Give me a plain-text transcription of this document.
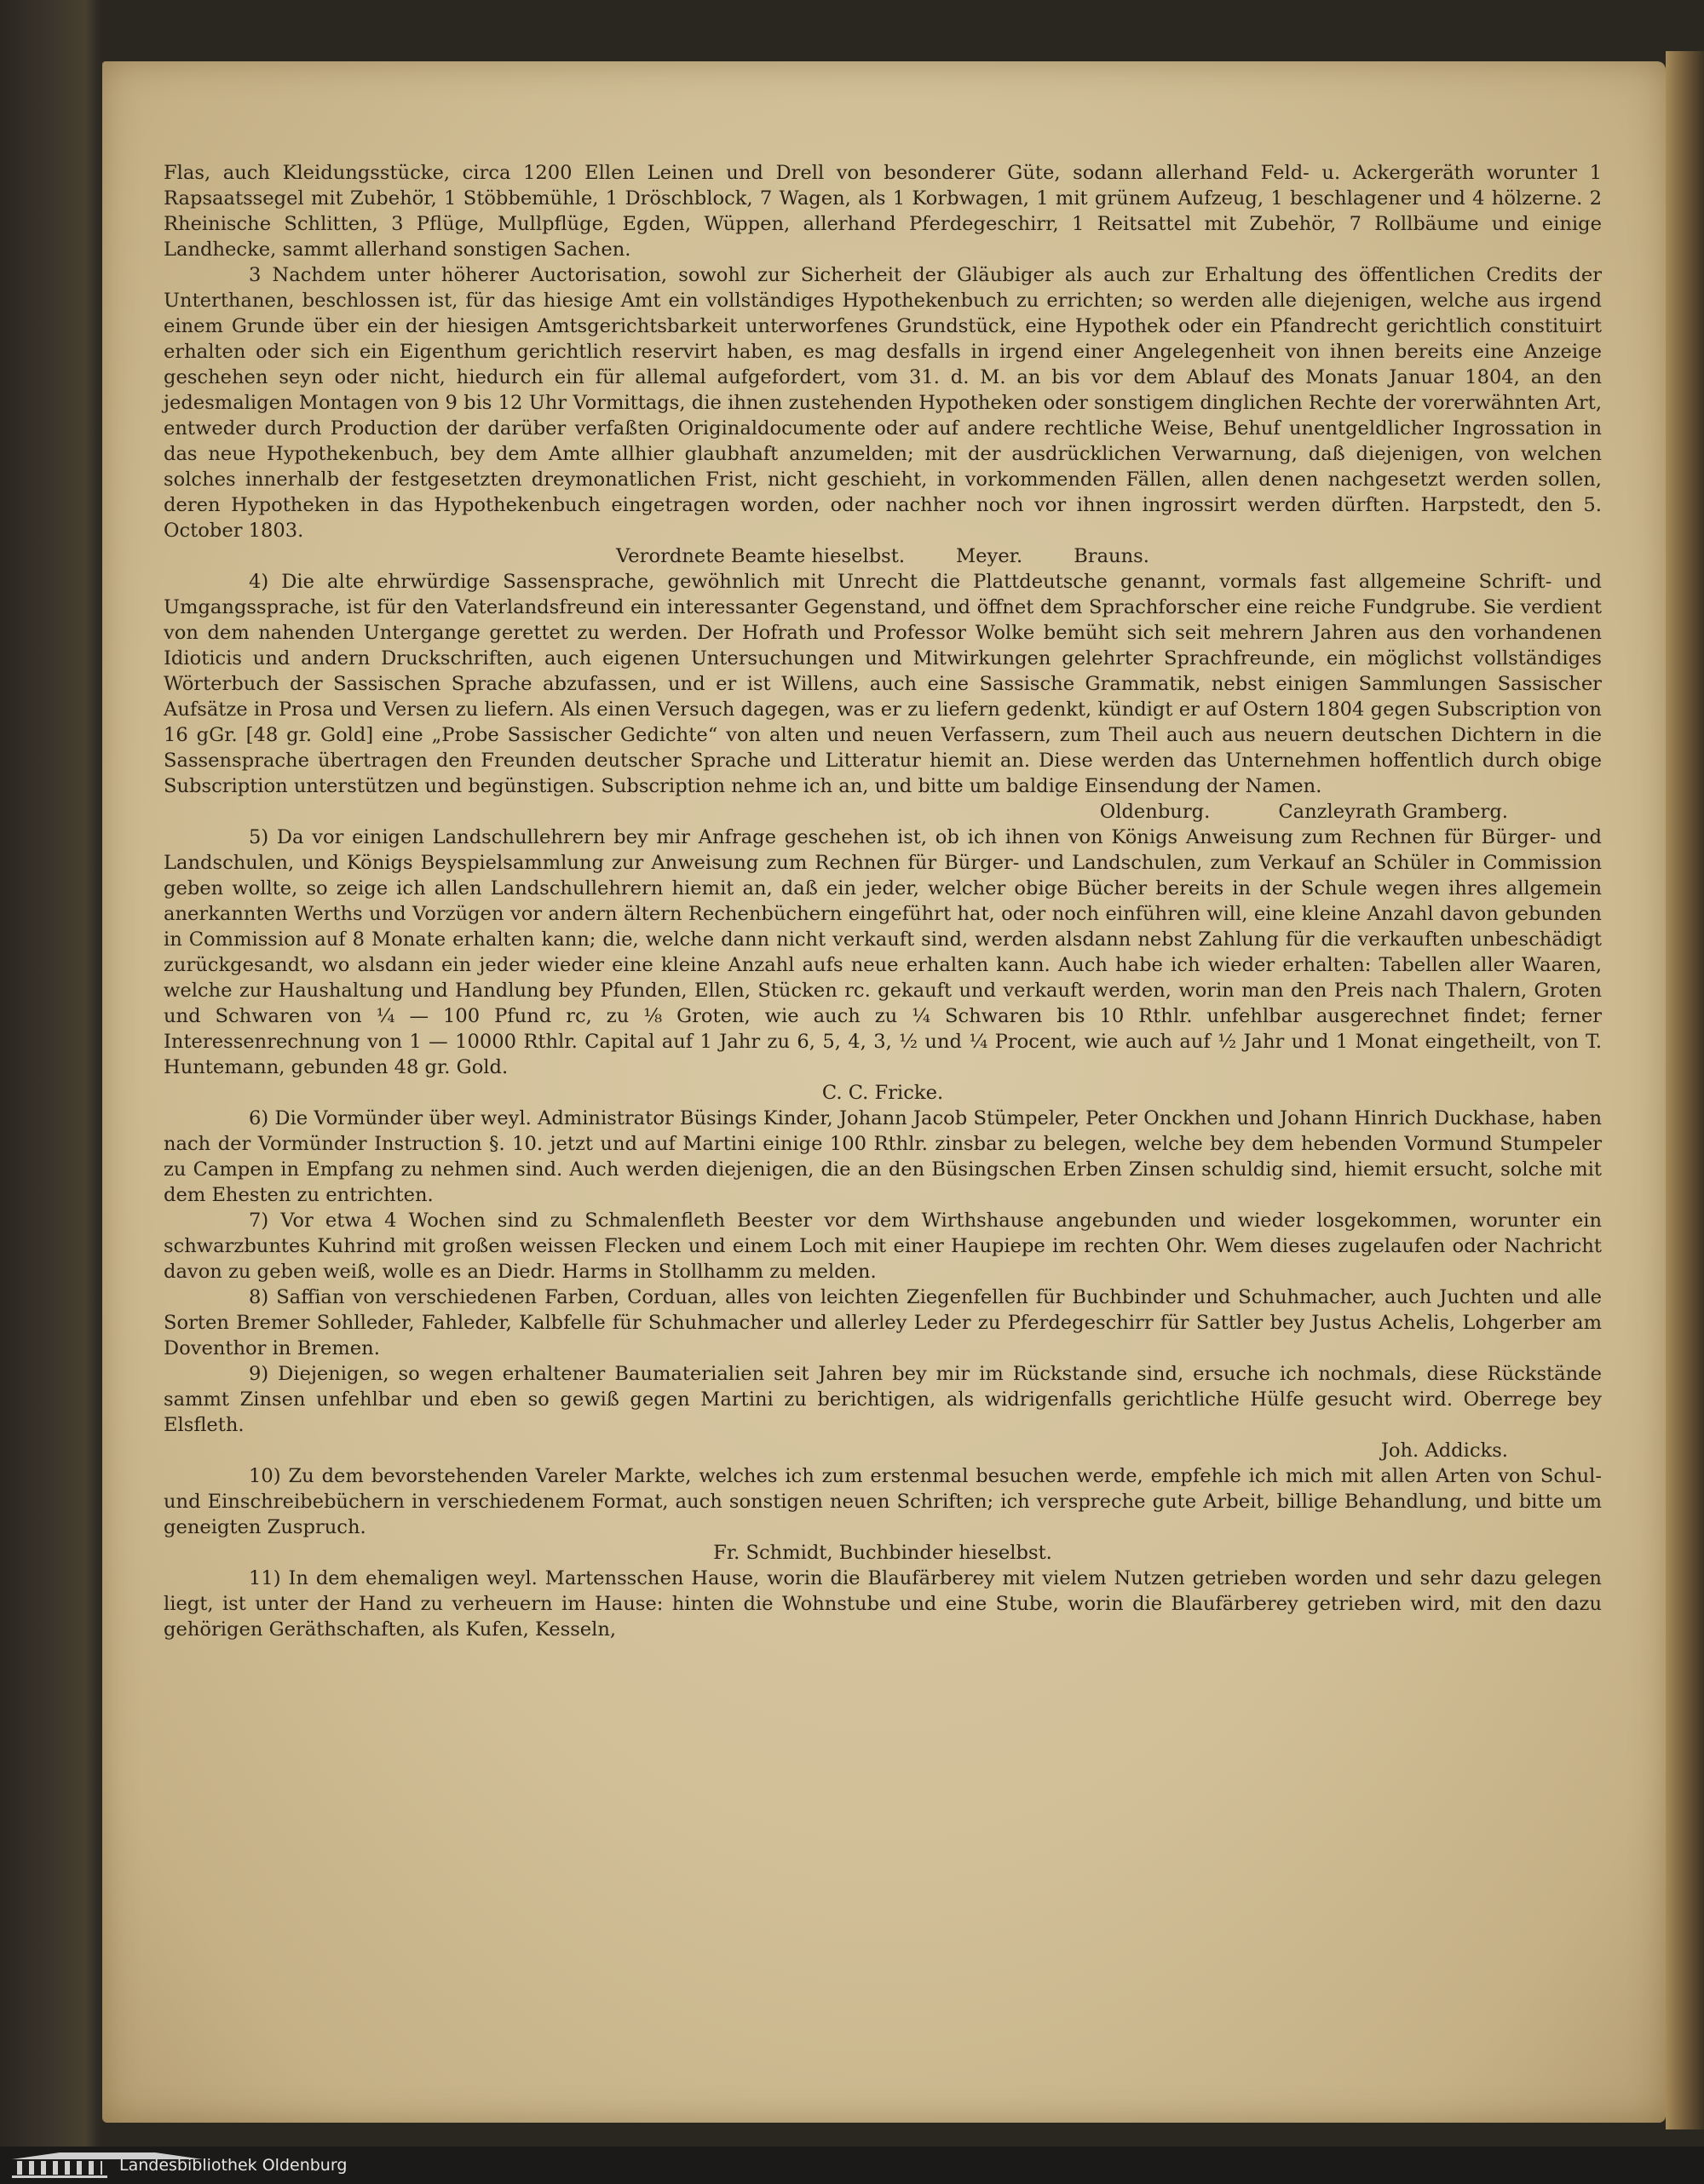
Flas, auch Kleidungsstücke, circa 1200 Ellen Leinen und Drell von besonderer Güte, sodann allerhand Feld- u. Ackergeräth worunter 1 Rapsaatssegel mit Zubehör, 1 Stöbbemühle, 1 Dröschblock, 7 Wagen, als 1 Korbwagen, 1 mit grünem Aufzeug, 1 beschlagener und 4 hölzerne. 2 Rheinische Schlitten, 3 Pflüge, Mullpflüge, Egden, Wüppen, allerhand Pferdegeschirr, 1 Reitsattel mit Zubehör, 7 Rollbäume und einige Landhecke, sammt allerhand sonstigen Sachen.

3 Nachdem unter höherer Auctorisation, sowohl zur Sicherheit der Gläubiger als auch zur Erhaltung des öffentlichen Credits der Unterthanen, beschlossen ist, für das hiesige Amt ein vollständiges Hypothekenbuch zu errichten; so werden alle diejenigen, welche aus irgend einem Grunde über ein der hiesigen Amtsgerichtsbarkeit unterworfenes Grundstück, eine Hypothek oder ein Pfandrecht gerichtlich constituirt erhalten oder sich ein Eigenthum gerichtlich reservirt haben, es mag desfalls in irgend einer Angelegenheit von ihnen bereits eine Anzeige geschehen seyn oder nicht, hiedurch ein für allemal aufgefordert, vom 31. d. M. an bis vor dem Ablauf des Monats Januar 1804, an den jedesmaligen Montagen von 9 bis 12 Uhr Vormittags, die ihnen zustehenden Hypotheken oder sonstigem dinglichen Rechte der vorerwähnten Art, entweder durch Production der darüber verfaßten Originaldocumente oder auf andere rechtliche Weise, Behuf unentgeldlicher Ingrossation in das neue Hypothekenbuch, bey dem Amte allhier glaubhaft anzumelden; mit der ausdrücklichen Verwarnung, daß diejenigen, von welchen solches innerhalb der festgesetzten dreymonatlichen Frist, nicht geschieht, in vorkommenden Fällen, allen denen nachgesetzt werden sollen, deren Hypotheken in das Hypothekenbuch eingetragen worden, oder nachher noch vor ihnen ingrossirt werden dürften. Harpstedt, den 5. October 1803.

Verordnete Beamte hieselbst.	Meyer.	Brauns.

4) Die alte ehrwürdige Sassensprache, gewöhnlich mit Unrecht die Plattdeutsche genannt, vormals fast allgemeine Schrift- und Umgangssprache, ist für den Vaterlandsfreund ein interessanter Gegenstand, und öffnet dem Sprachforscher eine reiche Fundgrube. Sie verdient von dem nahenden Untergange gerettet zu werden. Der Hofrath und Professor Wolke bemüht sich seit mehrern Jahren aus den vorhandenen Idioticis und andern Druckschriften, auch eigenen Untersuchungen und Mitwirkungen gelehrter Sprachfreunde, ein möglichst vollständiges Wörterbuch der Sassischen Sprache abzufassen, und er ist Willens, auch eine Sassische Grammatik, nebst einigen Sammlungen Sassischer Aufsätze in Prosa und Versen zu liefern. Als einen Versuch dagegen, was er zu liefern gedenkt, kündigt er auf Ostern 1804 gegen Subscription von 16 gGr. [48 gr. Gold] eine „Probe Sassischer Gedichte“ von alten und neuen Verfassern, zum Theil auch aus neuern deutschen Dichtern in die Sassensprache übertragen den Freunden deutscher Sprache und Litteratur hiemit an. Diese werden das Unternehmen hoffentlich durch obige Subscription unterstützen und begünstigen. Subscription nehme ich an, und bitte um baldige Einsendung der Namen.

Oldenburg.	Canzleyrath Gramberg.

5) Da vor einigen Landschullehrern bey mir Anfrage geschehen ist, ob ich ihnen von Königs Anweisung zum Rechnen für Bürger- und Landschulen, und Königs Beyspielsammlung zur Anweisung zum Rechnen für Bürger- und Landschulen, zum Verkauf an Schüler in Commission geben wollte, so zeige ich allen Landschullehrern hiemit an, daß ein jeder, welcher obige Bücher bereits in der Schule wegen ihres allgemein anerkannten Werths und Vorzügen vor andern ältern Rechenbüchern eingeführt hat, oder noch einführen will, eine kleine Anzahl davon gebunden in Commission auf 8 Monate erhalten kann; die, welche dann nicht verkauft sind, werden alsdann nebst Zahlung für die verkauften unbeschädigt zurückgesandt, wo alsdann ein jeder wieder eine kleine Anzahl aufs neue erhalten kann. Auch habe ich wieder erhalten: Tabellen aller Waaren, welche zur Haushaltung und Handlung bey Pfunden, Ellen, Stücken rc. gekauft und verkauft werden, worin man den Preis nach Thalern, Groten und Schwaren von ¼ — 100 Pfund rc, zu ⅛ Groten, wie auch zu ¼ Schwaren bis 10 Rthlr. unfehlbar ausgerechnet findet; ferner Interessenrechnung von 1 — 10000 Rthlr. Capital auf 1 Jahr zu 6, 5, 4, 3, ½ und ¼ Procent, wie auch auf ½ Jahr und 1 Monat eingetheilt, von T. Huntemann, gebunden 48 gr. Gold.

C. C. Fricke.

6) Die Vormünder über weyl. Administrator Büsings Kinder, Johann Jacob Stümpeler, Peter Onckhen und Johann Hinrich Duckhase, haben nach der Vormünder Instruction §. 10. jetzt und auf Martini einige 100 Rthlr. zinsbar zu belegen, welche bey dem hebenden Vormund Stumpeler zu Campen in Empfang zu nehmen sind. Auch werden diejenigen, die an den Büsingschen Erben Zinsen schuldig sind, hiemit ersucht, solche mit dem Ehesten zu entrichten.

7) Vor etwa 4 Wochen sind zu Schmalenfleth Beester vor dem Wirthshause angebunden und wieder losgekommen, worunter ein schwarzbuntes Kuhrind mit großen weissen Flecken und einem Loch mit einer Haupiepe im rechten Ohr. Wem dieses zugelaufen oder Nachricht davon zu geben weiß, wolle es an Diedr. Harms in Stollhamm zu melden.

8) Saffian von verschiedenen Farben, Corduan, alles von leichten Ziegenfellen für Buchbinder und Schuhmacher, auch Juchten und alle Sorten Bremer Sohlleder, Fahleder, Kalbfelle für Schuhmacher und allerley Leder zu Pferdegeschirr für Sattler bey Justus Achelis, Lohgerber am Doventhor in Bremen.

9) Diejenigen, so wegen erhaltener Baumaterialien seit Jahren bey mir im Rückstande sind, ersuche ich nochmals, diese Rückstände sammt Zinsen unfehlbar und eben so gewiß gegen Martini zu berichtigen, als widrigenfalls gerichtliche Hülfe gesucht wird. Oberrege bey Elsfleth.

Joh. Addicks.

10) Zu dem bevorstehenden Vareler Markte, welches ich zum erstenmal besuchen werde, empfehle ich mich mit allen Arten von Schul- und Einschreibebüchern in verschiedenem Format, auch sonstigen neuen Schriften; ich verspreche gute Arbeit, billige Behandlung, und bitte um geneigten Zuspruch.

Fr. Schmidt, Buchbinder hieselbst.

11) In dem ehemaligen weyl. Martensschen Hause, worin die Blaufärberey mit vielem Nutzen getrieben worden und sehr dazu gelegen liegt, ist unter der Hand zu verheuern im Hause: hinten die Wohnstube und eine Stube, worin die Blaufärberey getrieben wird, mit den dazu gehörigen Geräthschaften, als Kufen, Kesseln,

Landesbibliothek Oldenburg
